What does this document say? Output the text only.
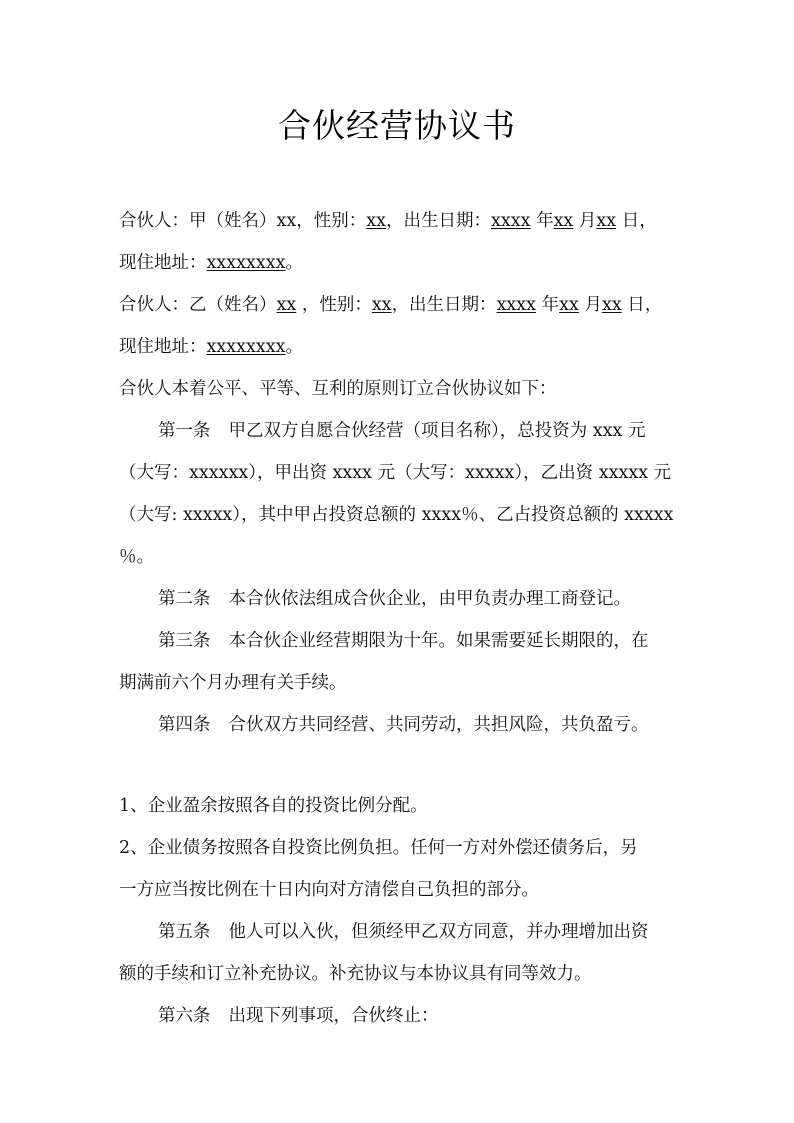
合伙经营协议书
合伙人：甲（姓名）xx，性别：xx，出生日期：xxxx 年xx 月xx 日，
现住地址：xxxxxxxx。
合伙人：乙（姓名）xx ，性别：xx，出生日期：xxxx 年xx 月xx 日，
现住地址：xxxxxxxx。
合伙人本着公平、平等、互利的原则订立合伙协议如下：
第一条 甲乙双方自愿合伙经营（项目名称），总投资为 xxx 元
（大写：xxxxxx），甲出资 xxxx 元（大写：xxxxx），乙出资 xxxxx 元
（大写: xxxxx），其中甲占投资总额的 xxxx％、乙占投资总额的 xxxxx
％。
第二条 本合伙依法组成合伙企业，由甲负责办理工商登记。
第三条 本合伙企业经营期限为十年。如果需要延长期限的，在
期满前六个月办理有关手续。
第四条 合伙双方共同经营、共同劳动，共担风险，共负盈亏。
1、企业盈余按照各自的投资比例分配。
2、企业债务按照各自投资比例负担。任何一方对外偿还债务后，另
一方应当按比例在十日内向对方清偿自己负担的部分。
第五条 他人可以入伙，但须经甲乙双方同意，并办理增加出资
额的手续和订立补充协议。补充协议与本协议具有同等效力。
第六条 出现下列事项，合伙终止：
